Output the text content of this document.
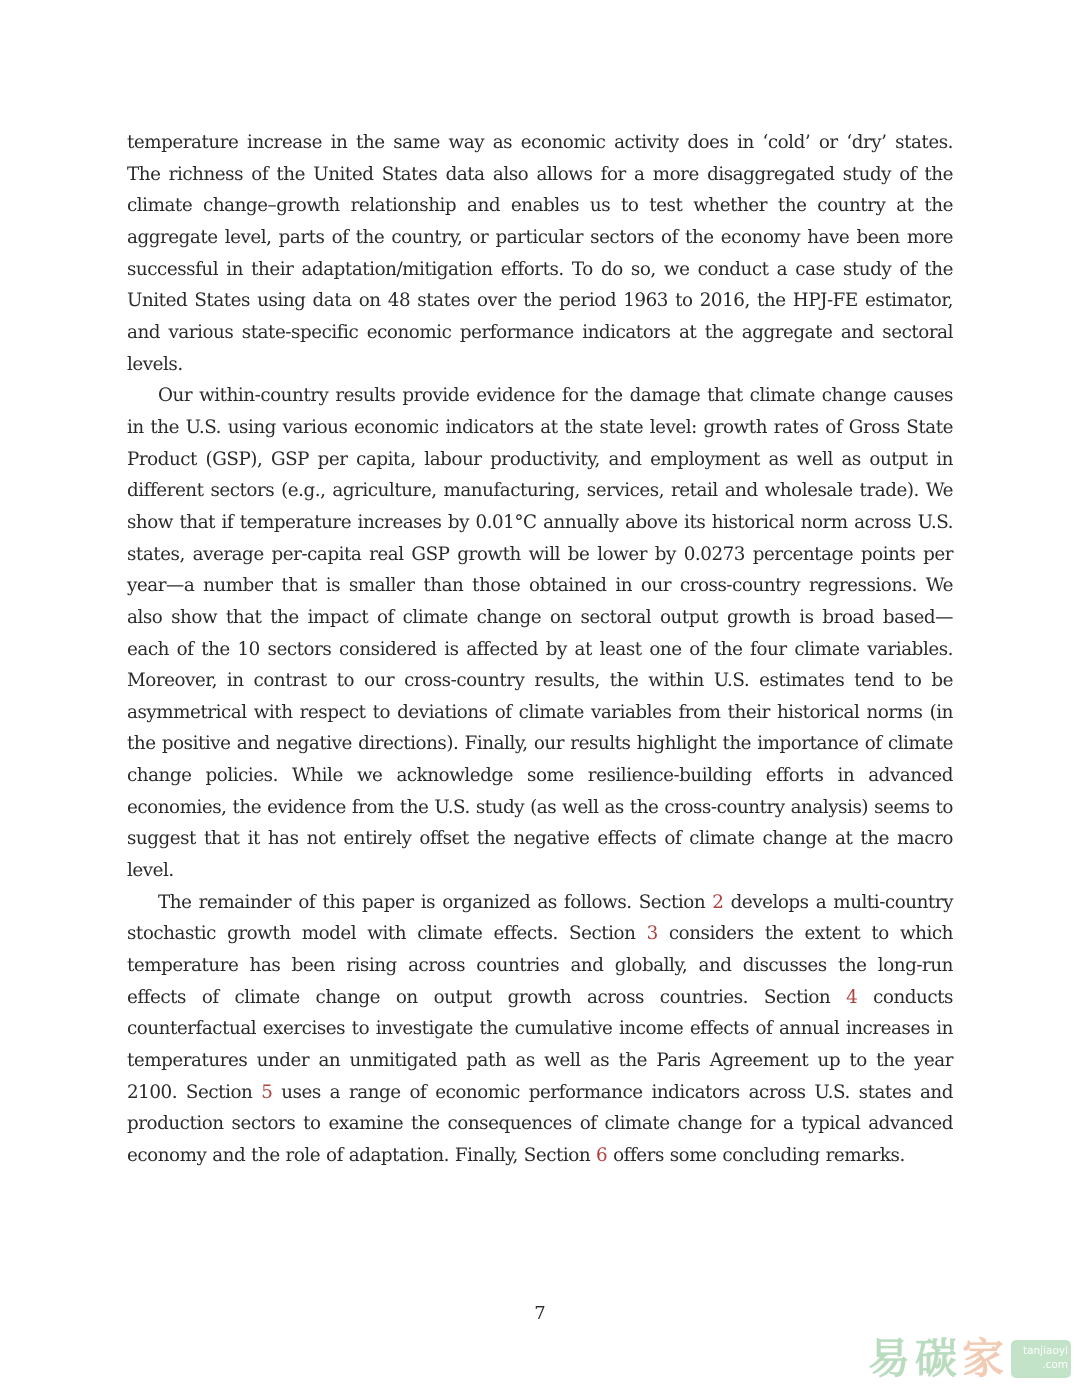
temperature increase in the same way as economic activity does in ‘cold’ or ‘dry’ states. The richness of the United States data also allows for a more disaggregated study of the climate change–growth relationship and enables us to test whether the country at the aggregate level, parts of the country, or particular sectors of the economy have been more successful in their adaptation/mitigation efforts. To do so, we conduct a case study of the United States using data on 48 states over the period 1963 to 2016, the HPJ-FE estimator, and various state-specific economic performance indicators at the aggregate and sectoral levels.

Our within-country results provide evidence for the damage that climate change causes in the U.S. using various economic indicators at the state level: growth rates of Gross State Product (GSP), GSP per capita, labour productivity, and employment as well as output in different sectors (e.g., agriculture, manufacturing, services, retail and wholesale trade). We show that if temperature increases by 0.01°C annually above its historical norm across U.S. states, average per-capita real GSP growth will be lower by 0.0273 percentage points per year—a number that is smaller than those obtained in our cross-country regressions. We also show that the impact of climate change on sectoral output growth is broad based—each of the 10 sectors considered is affected by at least one of the four climate variables. Moreover, in contrast to our cross-country results, the within U.S. estimates tend to be asymmetrical with respect to deviations of climate variables from their historical norms (in the positive and negative directions). Finally, our results highlight the importance of climate change policies. While we acknowledge some resilience-building efforts in advanced economies, the evidence from the U.S. study (as well as the cross-country analysis) seems to suggest that it has not entirely offset the negative effects of climate change at the macro level.

The remainder of this paper is organized as follows. Section 2 develops a multi-country stochastic growth model with climate effects. Section 3 considers the extent to which temperature has been rising across countries and globally, and discusses the long-run effects of climate change on output growth across countries. Section 4 conducts counterfactual exercises to investigate the cumulative income effects of annual increases in temperatures under an unmitigated path as well as the Paris Agreement up to the year 2100. Section 5 uses a range of economic performance indicators across U.S. states and production sectors to examine the consequences of climate change for a typical advanced economy and the role of adaptation. Finally, Section 6 offers some concluding remarks.

7
易 碳 家	tanjiaoyi
.com
